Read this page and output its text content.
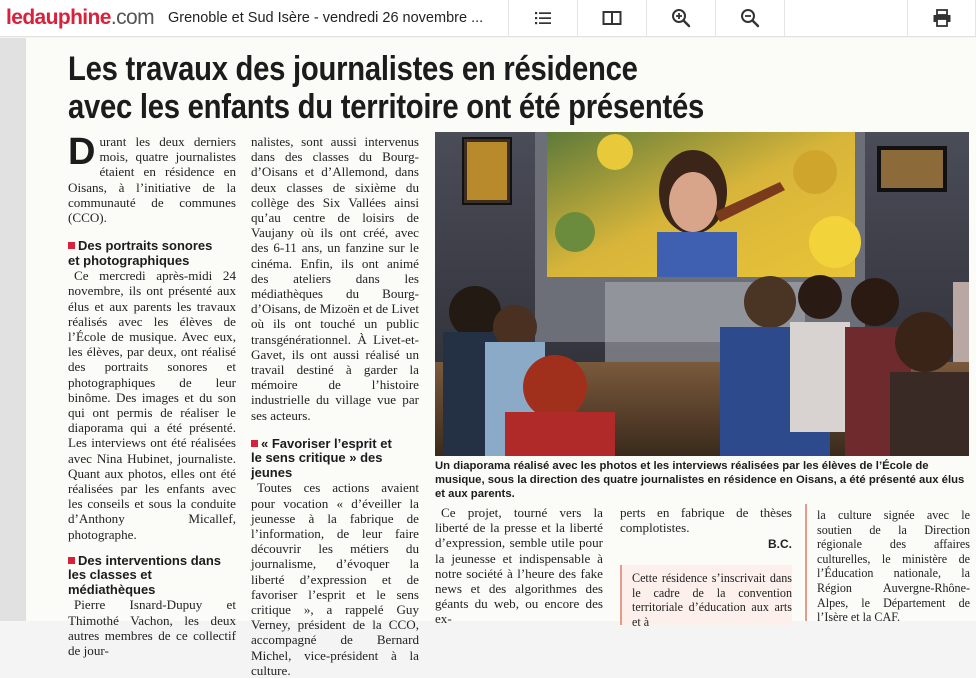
ledauphine .com Grenoble et Sud Isère - vendredi 26 novembre ...
Les travaux des journalistes en résidence
avec les enfants du territoire ont été présentés

Durant les deux derniers mois, quatre journalistes étaient en résidence en Oisans, à l’initiative de la communauté de communes (CCO).

Des portraits sonores
et photographiques

Ce mercredi après-midi 24 novembre, ils ont présenté aux élus et aux parents les travaux réalisés avec les élèves de l’École de musique. Avec eux, les élèves, par deux, ont réalisé des portraits sonores et photographiques de leur binôme. Des images et du son qui ont permis de réaliser le diaporama qui a été présenté. Les interviews ont été réalisées avec Nina Hubinet, journaliste. Quant aux photos, elles ont été réalisées par les enfants avec les conseils et sous la conduite d’Anthony Micallef, photographe.

Des interventions dans
les classes et médiathèques

Pierre Isnard-Dupuy et Thimothé Vachon, les deux autres membres de ce collectif de jour-

nalistes, sont aussi intervenus dans des classes du Bourg-d’Oisans et d’Allemond, dans deux classes de sixième du collège des Six Vallées ainsi qu’au centre de loisirs de Vaujany où ils ont créé, avec des 6-11 ans, un fanzine sur le cinéma. Enfin, ils ont animé des ateliers dans les médiathèques du Bourg-d’Oisans, de Mizoën et de Livet où ils ont touché un public transgénérationnel. À Livet-et-Gavet, ils ont aussi réalisé un travail destiné à garder la mémoire de l’histoire industrielle du village vue par ses acteurs.

« Favoriser l’esprit et
le sens critique » des jeunes

Toutes ces actions avaient pour vocation « d’éveiller la jeunesse à la fabrique de l’information, de leur faire découvrir les métiers du journalisme, d’évoquer la liberté d’expression et de favoriser l’esprit et le sens critique », a rappelé Guy Verney, président de la CCO, accompagné de Bernard Michel, vice-président à la culture.

Un diaporama réalisé avec les photos et les interviews réalisées par les élèves de l’École de musique, sous la direction des quatre journalistes en résidence en Oisans, a été présenté aux élus et aux parents.

Ce projet, tourné vers la liberté de la presse et la liberté d’expression, semble utile pour la jeunesse et indispensable à notre société à l’heure des fake news et des algorithmes des géants du web, ou encore des ex-

perts en fabrique de thèses complotistes.

B.C.
Cette résidence s’inscrivait dans le cadre de la convention territoriale d’éducation aux arts et à
la culture signée avec le soutien de la Direction régionale des affaires culturelles, le ministère de l’Éducation nationale, la Région Auvergne-Rhône-Alpes, le Département de l’Isère et la CAF.
